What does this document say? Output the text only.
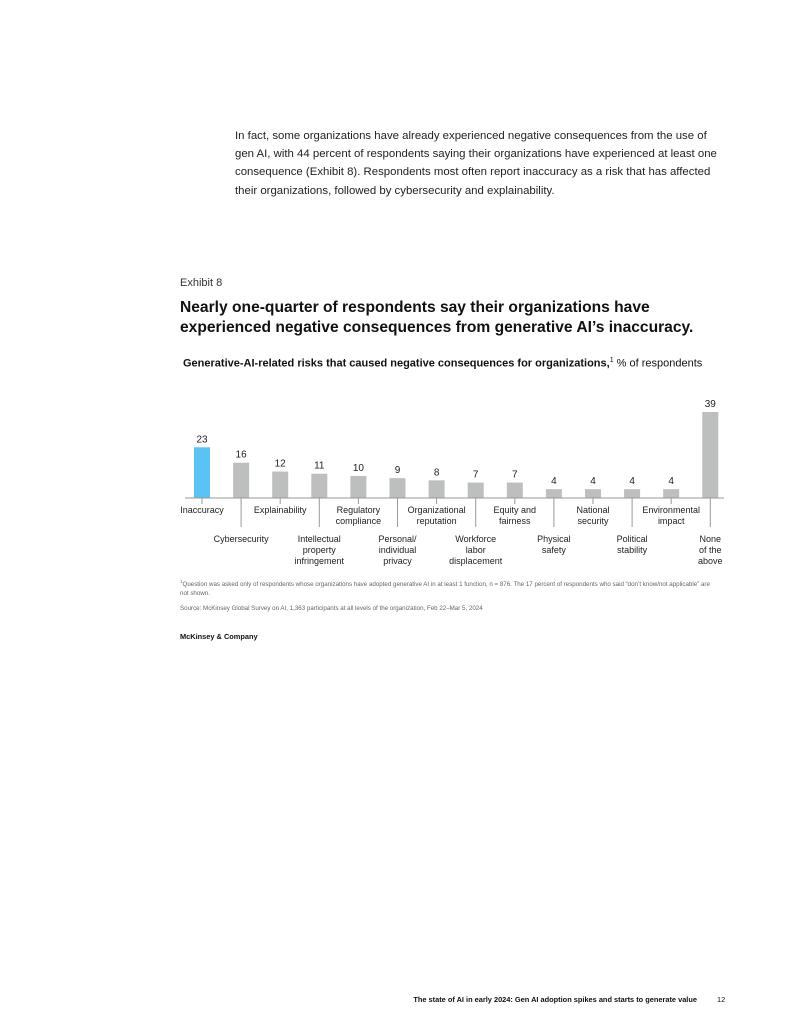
In fact, some organizations have already experienced negative consequences from the use of gen AI, with 44 percent of respondents saying their organizations have experienced at least one consequence (Exhibit 8). Respondents most often report inaccuracy as a risk that has affected their organizations, followed by cybersecurity and explainability.

Exhibit 8
Nearly one-quarter of respondents say their organizations have experienced negative consequences from generative AI’s inaccuracy.
Generative-AI-related risks that caused negative consequences for organizations,$^1$ % of respondents
23
16
12	11	10	9	8	7	7
4	4	4	4
39
Inaccuracy
Cybersecurity
Explainability
Intellectual property infringement
Regulatory compliance
Personal/ individual privacy
Organizational reputation
Workforce labor displacement
Equity and fairness
Physical safety
National security
Political stability
Environmental impact
None of the above

$^1$Question was asked only of respondents whose organizations have adopted generative AI in at least 1 function, n = 876. The 17 percent of respondents who said “don’t know/not applicable” are not shown.

Source: McKinsey Global Survey on AI, 1,363 participants at all levels of the organization, Feb 22–Mar 5, 2024

McKinsey & Company
The state of AI in early 2024: Gen AI adoption spikes and starts to generate value	12
